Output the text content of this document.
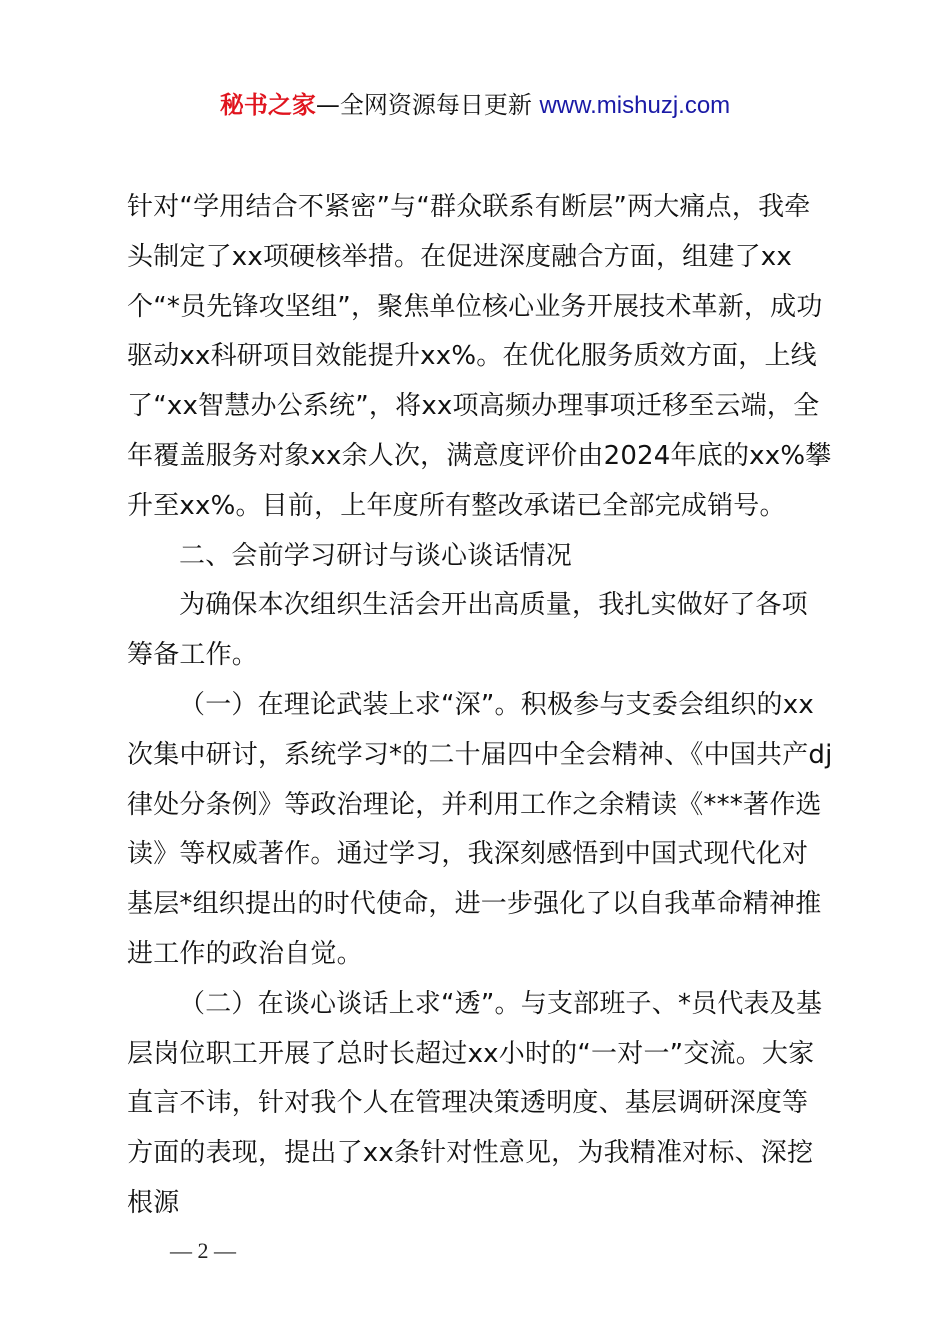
秘书之家—全网资源每日更新 www.mishuzj.com

针对“学用结合不紧密”与“群众联系有断层”两大痛点，我牵头制定了xx项硬核举措。在促进深度融合方面，组建了xx个“*员先锋攻坚组”，聚焦单位核心业务开展技术革新，成功驱动xx科研项目效能提升xx%。在优化服务质效方面，上线了“xx智慧办公系统”，将xx项高频办理事项迁移至云端，全年覆盖服务对象xx余人次，满意度评价由2024年底的xx%攀升至xx%。目前，上年度所有整改承诺已全部完成销号。

二、会前学习研讨与谈心谈话情况

为确保本次组织生活会开出高质量，我扎实做好了各项筹备工作。

（一）在理论武装上求“深”。积极参与支委会组织的xx次集中研讨，系统学习*的二十届四中全会精神、《中国共产dj律处分条例》等政治理论，并利用工作之余精读《***著作选读》等权威著作。通过学习，我深刻感悟到中国式现代化对基层*组织提出的时代使命，进一步强化了以自我革命精神推进工作的政治自觉。

（二）在谈心谈话上求“透”。与支部班子、*员代表及基层岗位职工开展了总时长超过xx小时的“一对一”交流。大家直言不讳，针对我个人在管理决策透明度、基层调研深度等方面的表现，提出了xx条针对性意见，为我精准对标、深挖根源

— 2 —
